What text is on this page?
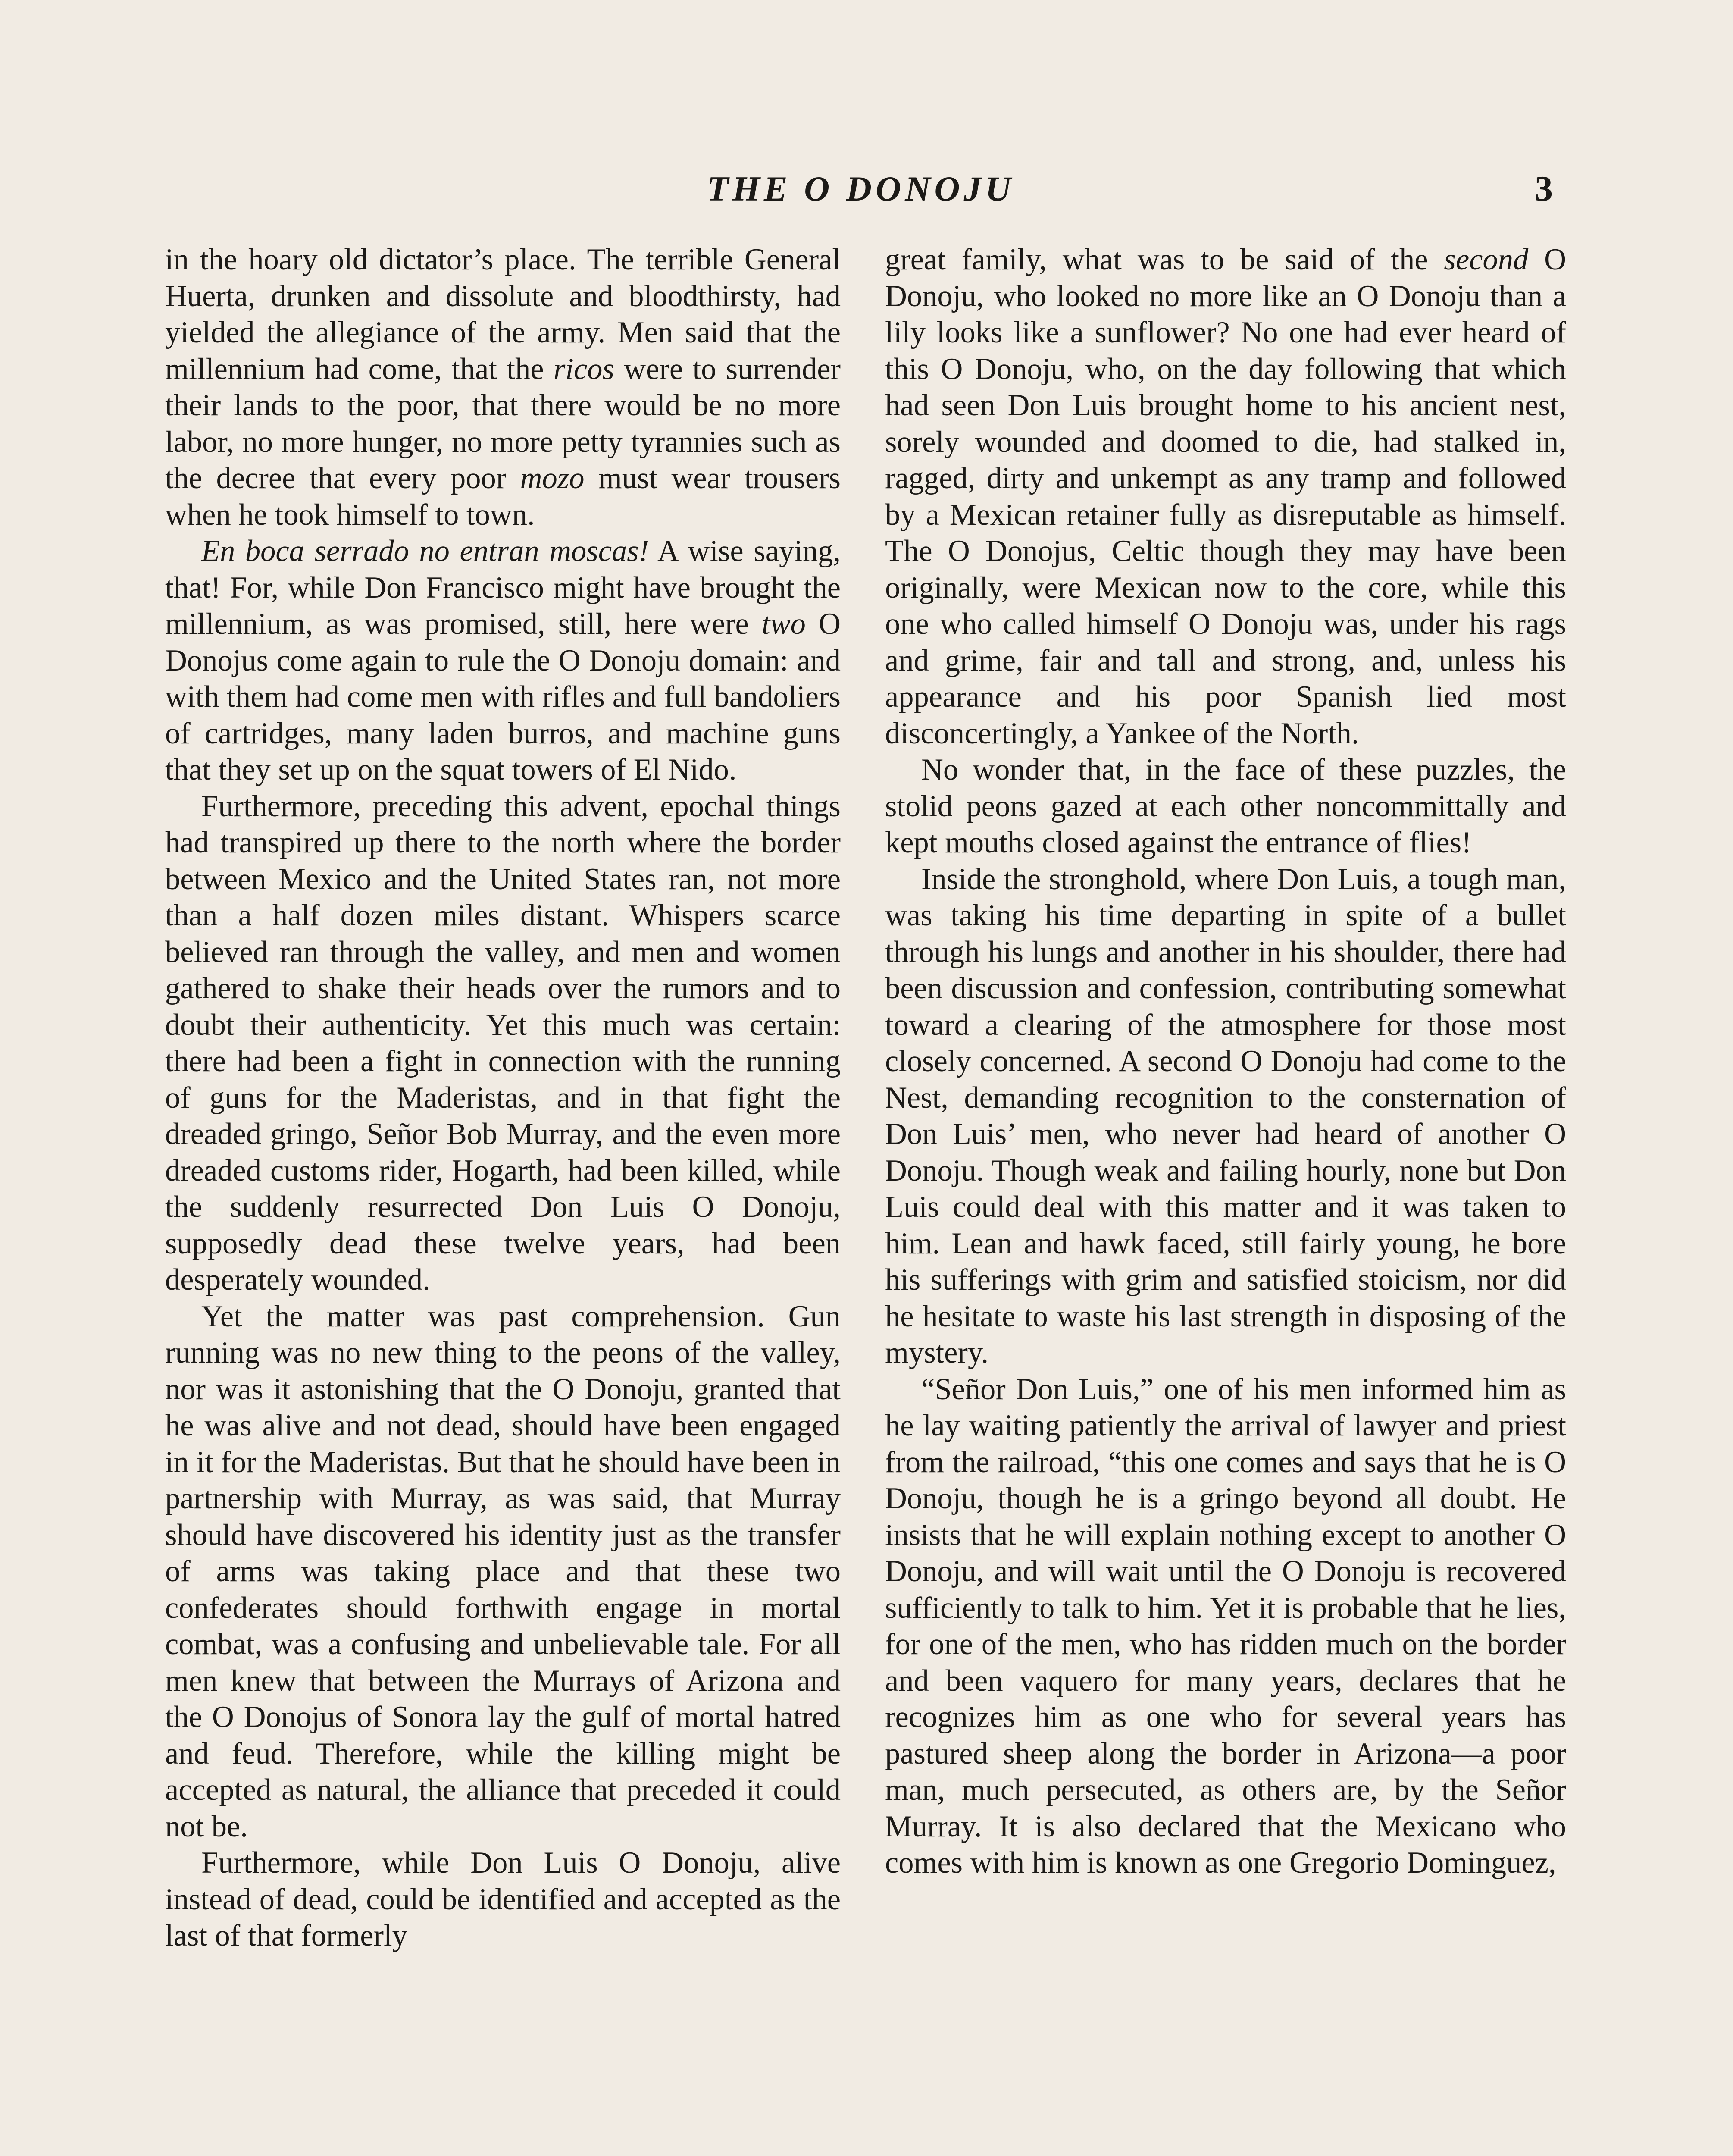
THE O DONOJU	3

in the hoary old dictator’s place. The terrible General Huerta, drunken and dissolute and bloodthirsty, had yielded the allegiance of the army. Men said that the millennium had come, that the ricos were to surrender their lands to the poor, that there would be no more labor, no more hunger, no more petty tyrannies such as the decree that every poor mozo must wear trousers when he took himself to town.

En boca serrado no entran moscas! A wise saying, that! For, while Don Francisco might have brought the millennium, as was promised, still, here were two O Donojus come again to rule the O Donoju domain: and with them had come men with rifles and full bandoliers of cartridges, many laden burros, and machine guns that they set up on the squat towers of El Nido.

Furthermore, preceding this advent, epochal things had transpired up there to the north where the border between Mexico and the United States ran, not more than a half dozen miles distant. Whispers scarce believed ran through the valley, and men and women gathered to shake their heads over the rumors and to doubt their authenticity. Yet this much was certain: there had been a fight in connection with the running of guns for the Maderistas, and in that fight the dreaded gringo, Señor Bob Murray, and the even more dreaded customs rider, Hogarth, had been killed, while the suddenly resurrected Don Luis O Donoju, supposedly dead these twelve years, had been desperately wounded.

Yet the matter was past comprehension. Gun running was no new thing to the peons of the valley, nor was it astonishing that the O Donoju, granted that he was alive and not dead, should have been engaged in it for the Maderistas. But that he should have been in partnership with Murray, as was said, that Murray should have discovered his identity just as the transfer of arms was taking place and that these two confederates should forthwith engage in mortal combat, was a confusing and unbelievable tale. For all men knew that between the Murrays of Arizona and the O Donojus of Sonora lay the gulf of mortal hatred and feud. Therefore, while the killing might be accepted as natural, the alliance that preceded it could not be.

Furthermore, while Don Luis O Donoju, alive instead of dead, could be identified and accepted as the last of that formerly

great family, what was to be said of the second O Donoju, who looked no more like an O Donoju than a lily looks like a sunflower? No one had ever heard of this O Donoju, who, on the day following that which had seen Don Luis brought home to his ancient nest, sorely wounded and doomed to die, had stalked in, ragged, dirty and unkempt as any tramp and followed by a Mexican retainer fully as disreputable as himself. The O Donojus, Celtic though they may have been originally, were Mexican now to the core, while this one who called himself O Donoju was, under his rags and grime, fair and tall and strong, and, unless his appearance and his poor Spanish lied most disconcertingly, a Yankee of the North.

No wonder that, in the face of these puzzles, the stolid peons gazed at each other noncommittally and kept mouths closed against the entrance of flies!

Inside the stronghold, where Don Luis, a tough man, was taking his time departing in spite of a bullet through his lungs and another in his shoulder, there had been discussion and confession, contributing somewhat toward a clearing of the atmosphere for those most closely concerned. A second O Donoju had come to the Nest, demanding recognition to the consternation of Don Luis’ men, who never had heard of another O Donoju. Though weak and failing hourly, none but Don Luis could deal with this matter and it was taken to him. Lean and hawk faced, still fairly young, he bore his sufferings with grim and satisfied stoicism, nor did he hesitate to waste his last strength in disposing of the mystery.

“Señor Don Luis,” one of his men informed him as he lay waiting patiently the arrival of lawyer and priest from the railroad, “this one comes and says that he is O Donoju, though he is a gringo beyond all doubt. He insists that he will explain nothing except to another O Donoju, and will wait until the O Donoju is recovered sufficiently to talk to him. Yet it is probable that he lies, for one of the men, who has ridden much on the border and been vaquero for many years, declares that he recognizes him as one who for several years has pastured sheep along the border in Arizona—a poor man, much persecuted, as others are, by the Señor Murray. It is also declared that the Mexicano who comes with him is known as one Gregorio Dominguez,
